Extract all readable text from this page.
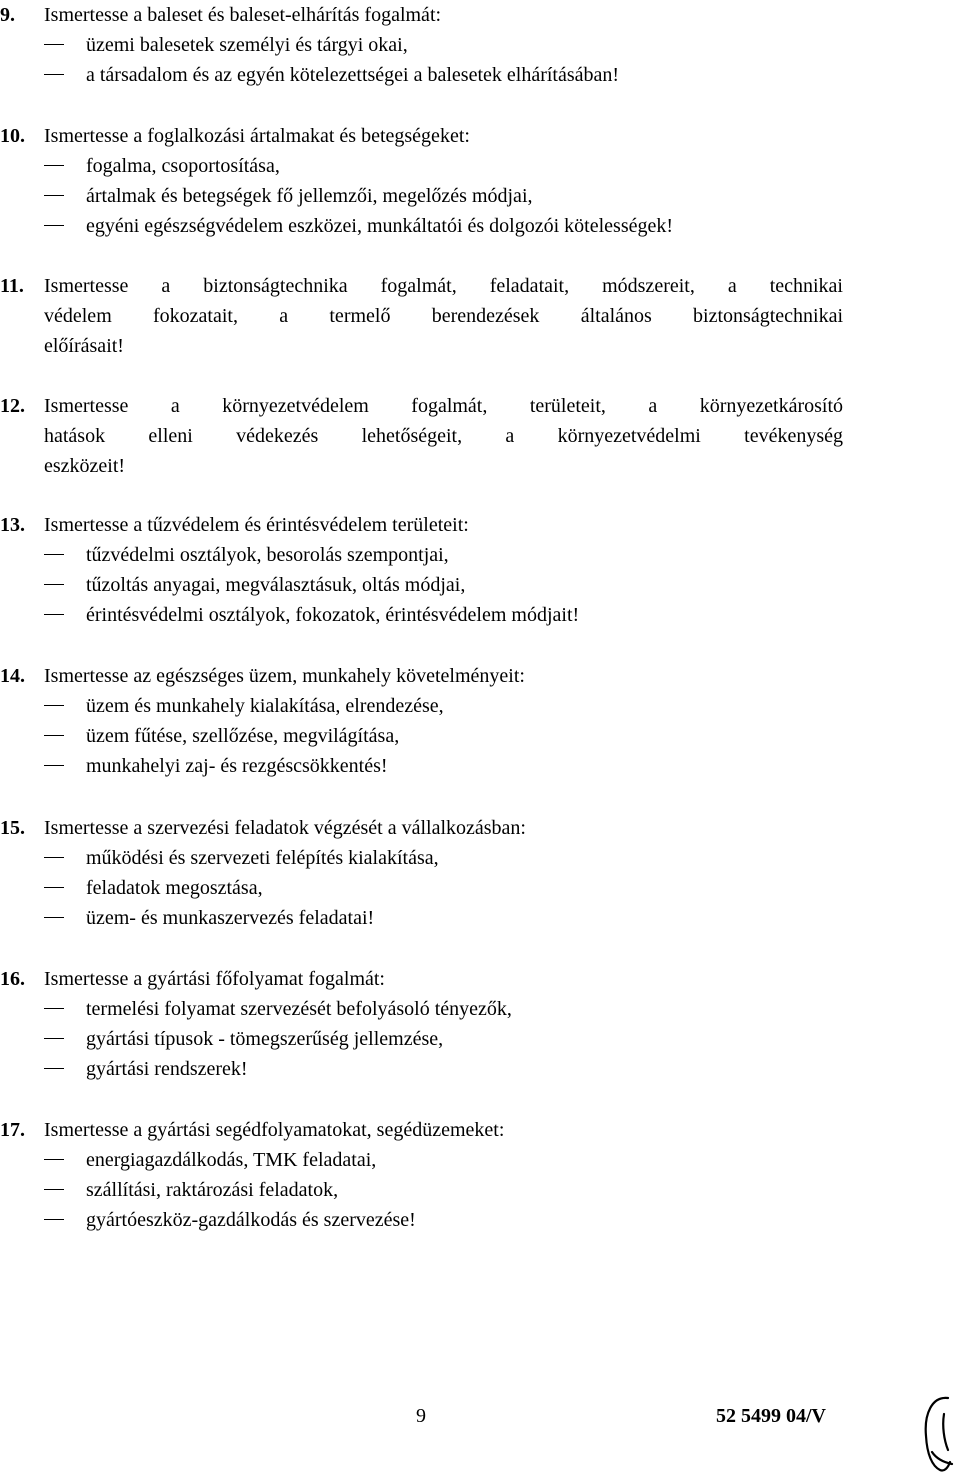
9. Ismertesse a baleset és baleset-elhárítás fogalmát:
üzemi balesetek személyi és tárgyi okai,
a társadalom és az egyén kötelezettségei a balesetek elhárításában!
10. Ismertesse a foglalkozási ártalmakat és betegségeket:
fogalma, csoportosítása,
ártalmak és betegségek fő jellemzői, megelőzés módjai,
egyéni egészségvédelem eszközei, munkáltatói és dolgozói kötelességek!
11. Ismertesse a biztonságtechnika fogalmát, feladatait, módszereit, a technikai
védelem fokozatait, a termelő berendezések általános biztonságtechnikai
előírásait!
12. Ismertesse a környezetvédelem fogalmát, területeit, a környezetkárosító
hatások elleni védekezés lehetőségeit, a környezetvédelmi tevékenység
eszközeit!
13. Ismertesse a tűzvédelem és érintésvédelem területeit:
tűzvédelmi osztályok, besorolás szempontjai,
tűzoltás anyagai, megválasztásuk, oltás módjai,
érintésvédelmi osztályok, fokozatok, érintésvédelem módjait!
14. Ismertesse az egészséges üzem, munkahely követelményeit:
üzem és munkahely kialakítása, elrendezése,
üzem fűtése, szellőzése, megvilágítása,
munkahelyi zaj- és rezgéscsökkentés!
15. Ismertesse a szervezési feladatok végzését a vállalkozásban:
működési és szervezeti felépítés kialakítása,
feladatok megosztása,
üzem- és munkaszervezés feladatai!
16. Ismertesse a gyártási főfolyamat fogalmát:
termelési folyamat szervezését befolyásoló tényezők,
gyártási típusok - tömegszerűség jellemzése,
gyártási rendszerek!
17. Ismertesse a gyártási segédfolyamatokat, segédüzemeket:
energiagazdálkodás, TMK feladatai,
szállítási, raktározási feladatok,
gyártóeszköz-gazdálkodás és szervezése!
9	52 5499 04/V
